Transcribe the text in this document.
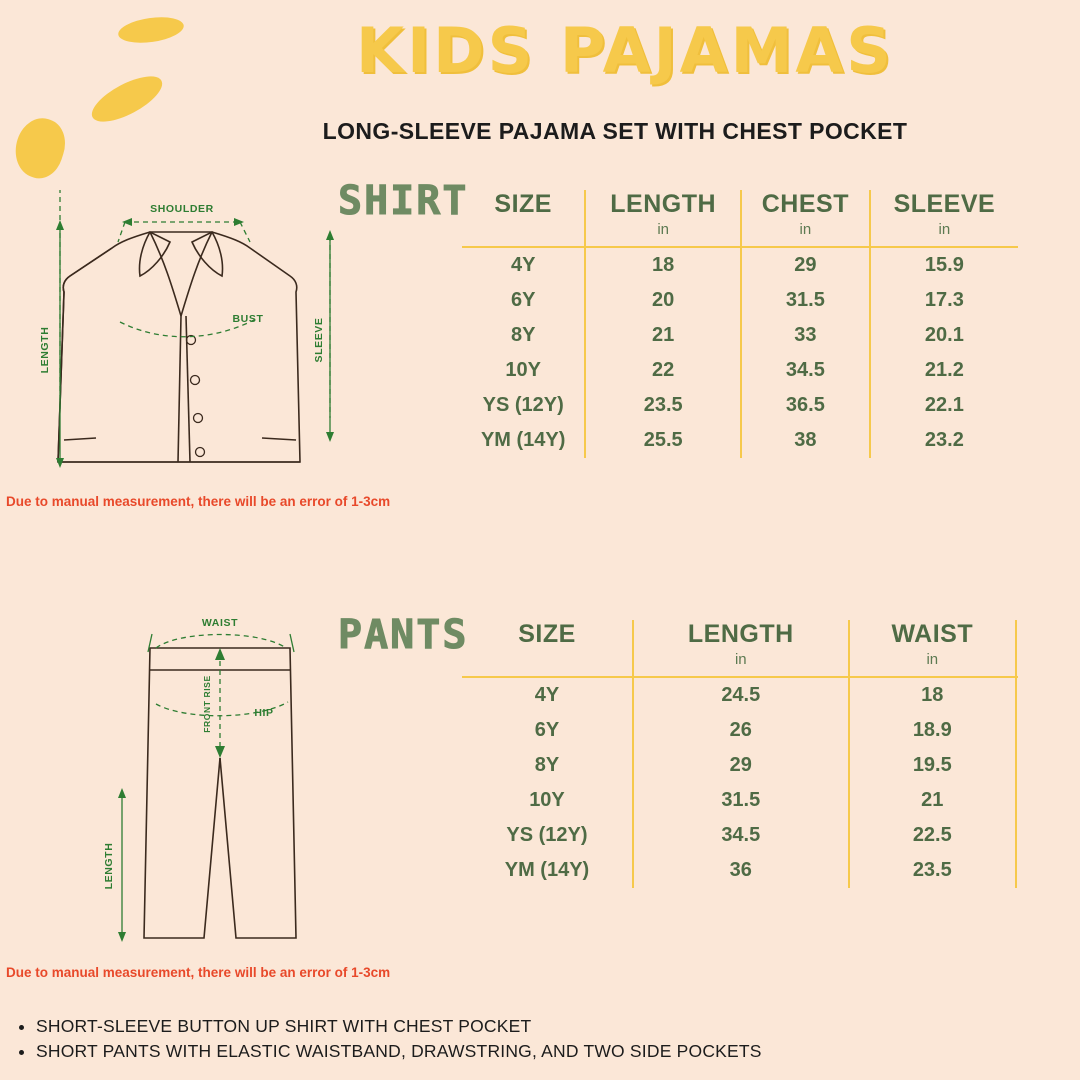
KIDS PAJAMAS
LONG-SLEEVE PAJAMA SET WITH CHEST POCKET
SHIRT
SHOULDER
BUST
LENGTH	SLEEVE
SIZE	LENGTH	CHEST	SLEEVE
	in	in	in
4Y	18	29	15.9
6Y	20	31.5	17.3
8Y	21	33	20.1
10Y	22	34.5	21.2
YS (12Y)	23.5	36.5	22.1
YM (14Y)	25.5	38	23.2
Due to manual measurement, there will be an error of 1-3cm
PANTS
WAIST
FRONT RISE	HIP
LENGTH
SIZE	LENGTH	WAIST	
	in	in	
4Y	24.5	18	
6Y	26	18.9	
8Y	29	19.5	
10Y	31.5	21	
YS (12Y)	34.5	22.5	
YM (14Y)	36	23.5	
Due to manual measurement, there will be an error of 1-3cm
• SHORT-SLEEVE BUTTON UP SHIRT WITH CHEST POCKET
• SHORT PANTS WITH ELASTIC WAISTBAND, DRAWSTRING, AND TWO SIDE POCKETS
